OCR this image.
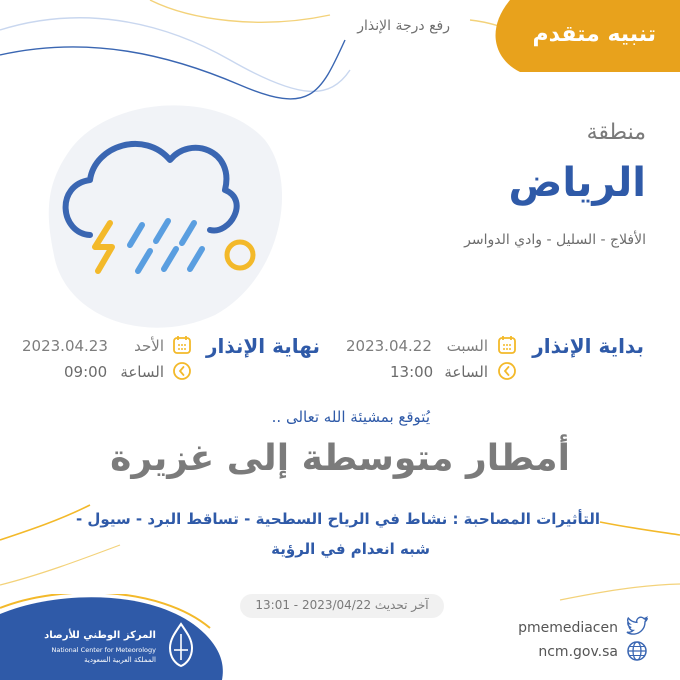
تنبيه متقدم
رفع درجة الإنذار
منطقة
الرياض
الأفلاج - السليل - وادي الدواسر
بداية الإنذار
السبت
2023.04.22
الساعة
13:00
نهاية الإنذار
الأحد
2023.04.23
الساعة
09:00
يُتوقع بمشيئة الله تعالى ..
أمطار متوسطة إلى غزيرة
التأثيرات المصاحبة : نشاط في الرياح السطحية - تساقط البرد - سيول -
شبه انعدام في الرؤية
آخر تحديث 2023/04/22 - 13:01
pmemediacen
ncm.gov.sa
المركز الوطني للأرصاد
National Center for Meteorology
المملكة العربية السعودية
